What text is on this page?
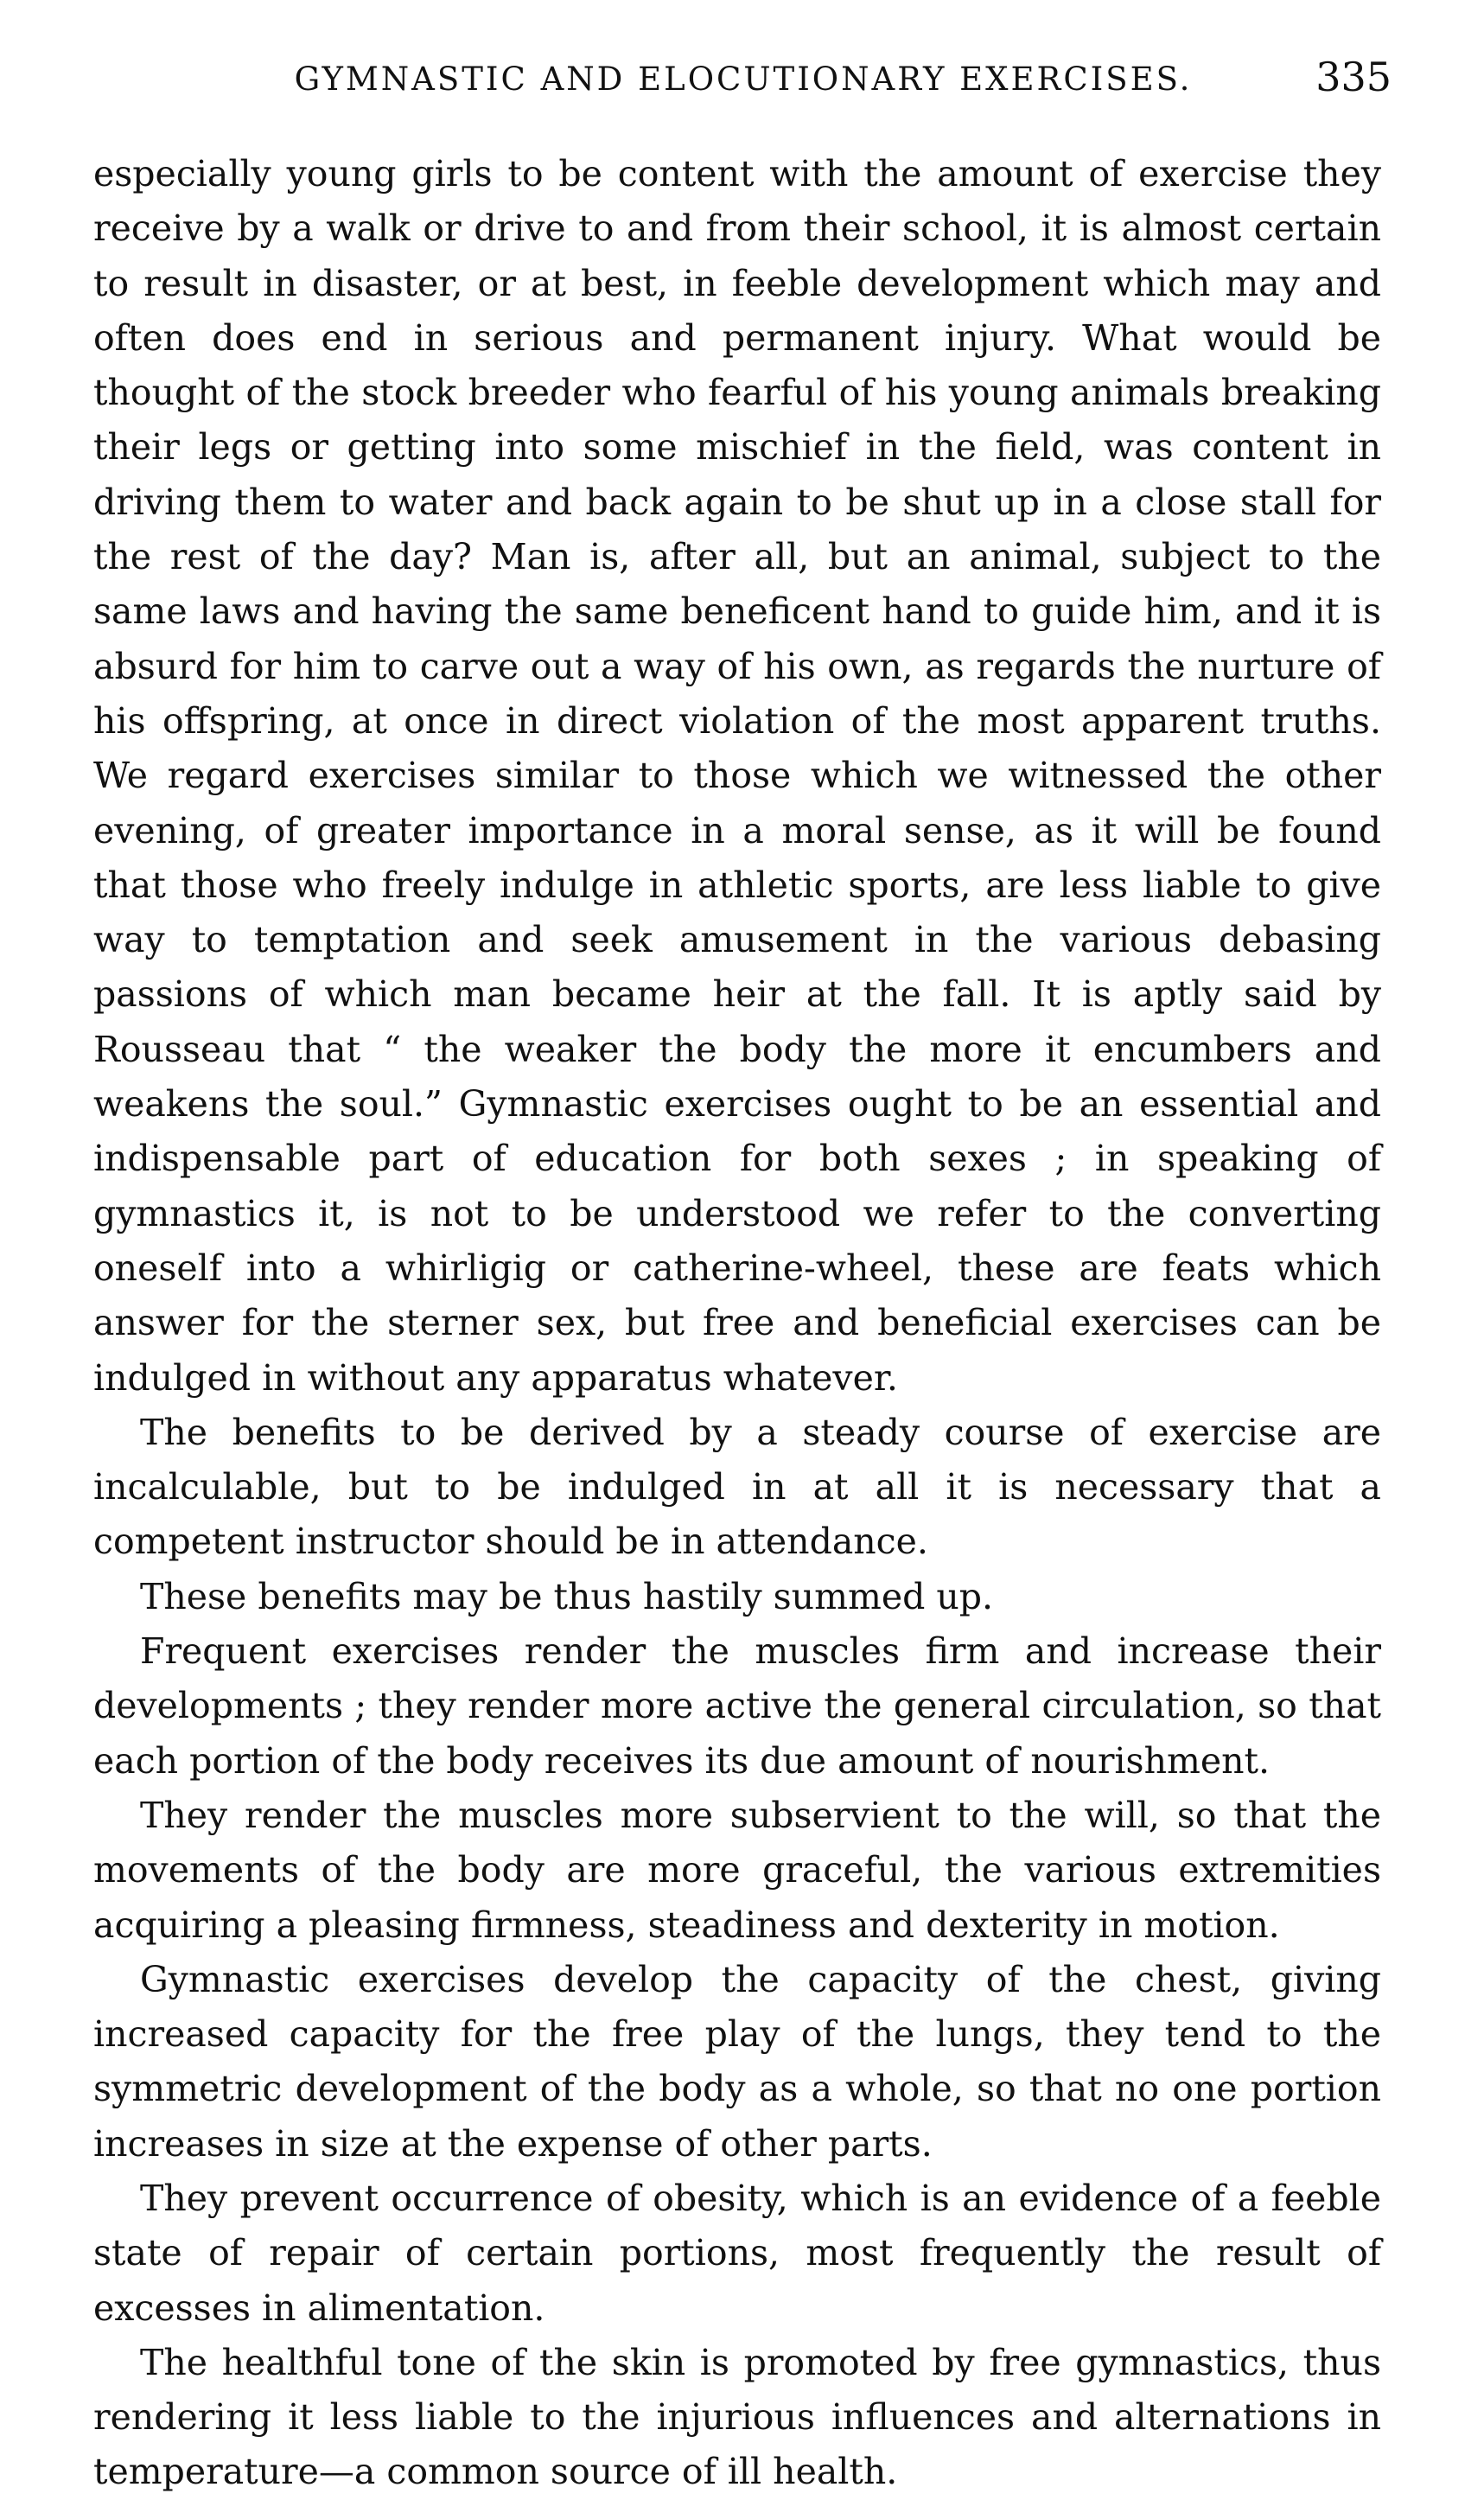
GYMNASTIC AND ELOCUTIONARY EXERCISES.	335

especially young girls to be content with the amount of exercise they receive by a walk or drive to and from their school, it is almost certain to result in disaster, or at best, in feeble development which may and often does end in serious and permanent injury. What would be thought of the stock breeder who fearful of his young animals breaking their legs or getting into some mischief in the field, was content in driving them to water and back again to be shut up in a close stall for the rest of the day? Man is, after all, but an animal, subject to the same laws and having the same beneficent hand to guide him, and it is absurd for him to carve out a way of his own, as regards the nurture of his offspring, at once in direct violation of the most apparent truths. We regard exercises similar to those which we witnessed the other evening, of greater importance in a moral sense, as it will be found that those who freely indulge in athletic sports, are less liable to give way to temptation and seek amusement in the various debasing passions of which man became heir at the fall. It is aptly said by Rousseau that “ the weaker the body the more it encumbers and weakens the soul.” Gymnastic exercises ought to be an essential and indispensable part of education for both sexes ; in speaking of gymnastics it, is not to be understood we refer to the converting oneself into a whirligig or catherine-wheel, these are feats which answer for the sterner sex, but free and beneficial exercises can be indulged in without any apparatus whatever.

The benefits to be derived by a steady course of exercise are incalculable, but to be indulged in at all it is necessary that a competent instructor should be in attendance.

These benefits may be thus hastily summed up.

Frequent exercises render the muscles firm and increase their developments ; they render more active the general circulation, so that each portion of the body receives its due amount of nourishment.

They render the muscles more subservient to the will, so that the movements of the body are more graceful, the various extremities acquiring a pleasing firmness, steadiness and dexterity in motion.

Gymnastic exercises develop the capacity of the chest, giving increased capacity for the free play of the lungs, they tend to the symmetric development of the body as a whole, so that no one portion increases in size at the expense of other parts.

They prevent occurrence of obesity, which is an evidence of a feeble state of repair of certain portions, most frequently the result of excesses in alimentation.

The healthful tone of the skin is promoted by free gymnastics, thus rendering it less liable to the injurious influences and alternations in temperature—a common source of ill health.
